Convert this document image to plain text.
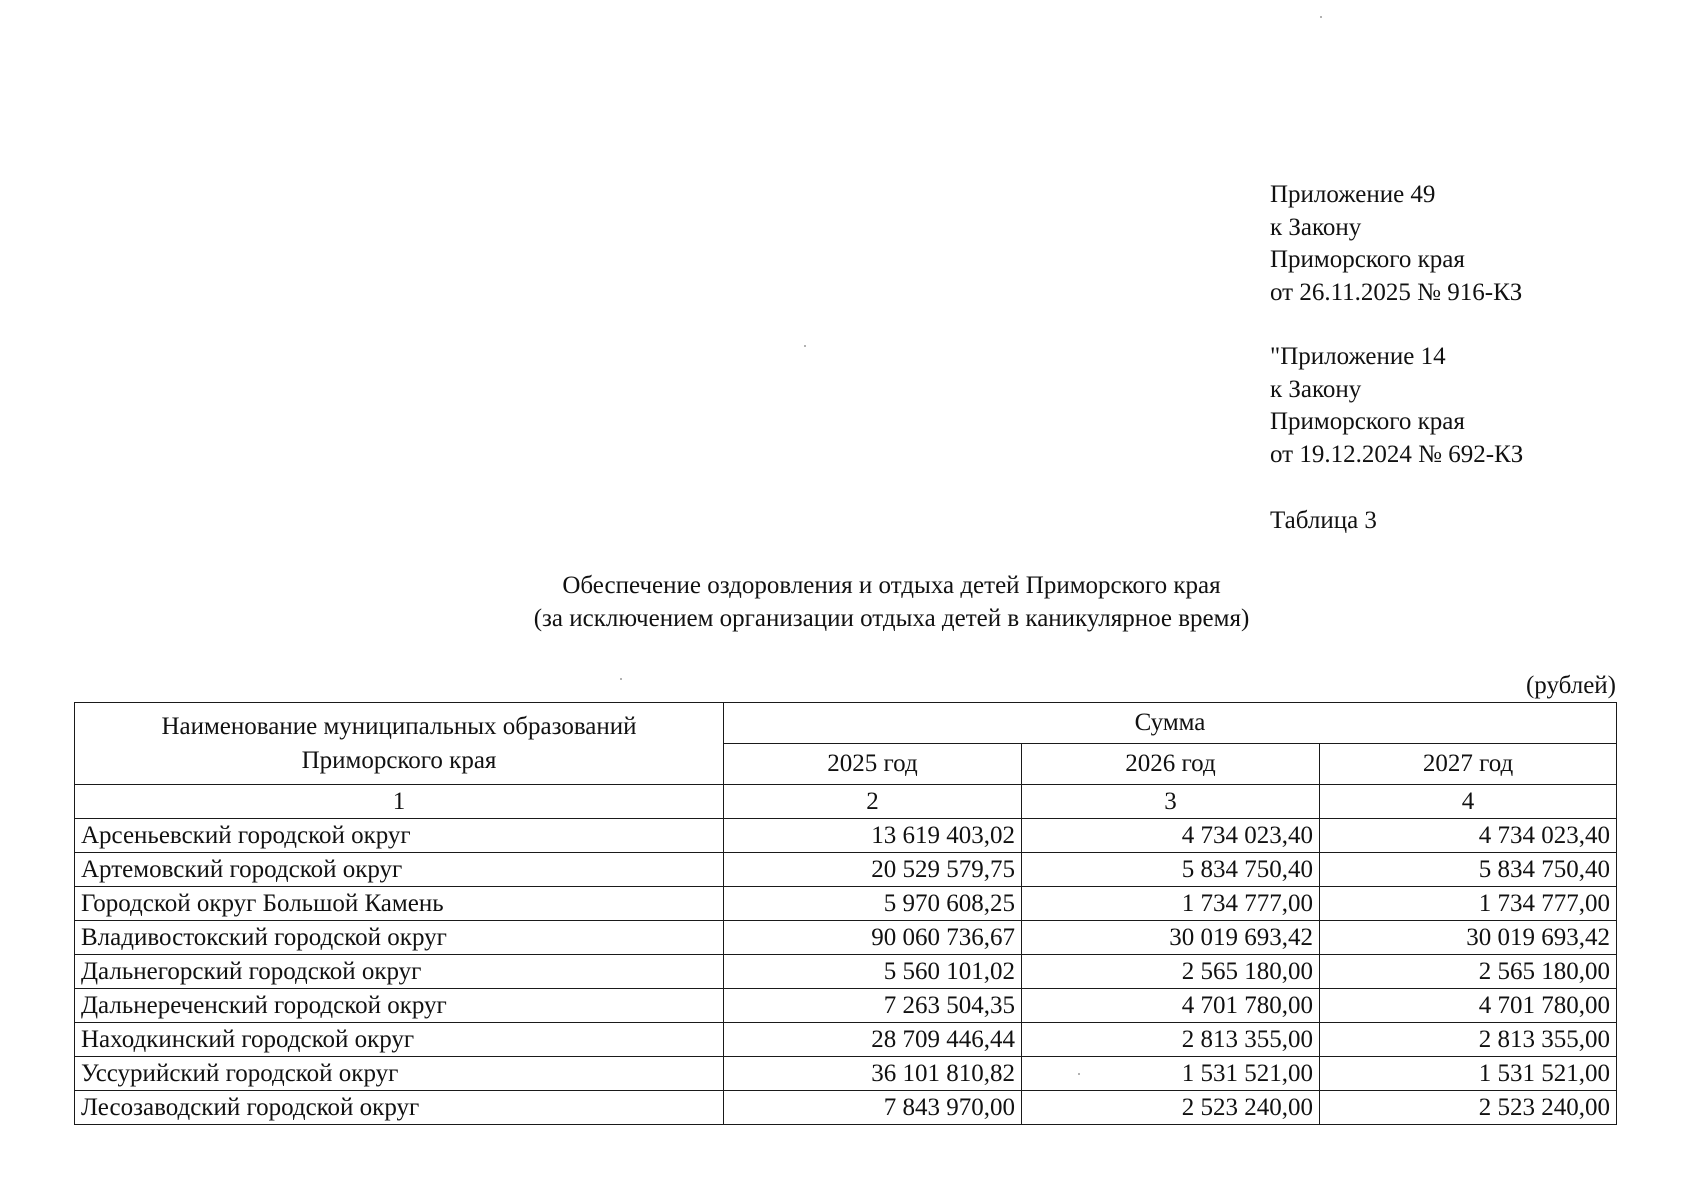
Приложение 49
к Закону
Приморского края
от 26.11.2025 № 916-КЗ
"Приложение 14
к Закону
Приморского края
от 19.12.2024 № 692-КЗ
Таблица 3
Обеспечение оздоровления и отдыха детей Приморского края
(за исключением организации отдыха детей в каникулярное время)
(рублей)
Наименование муниципальных образований
Приморского края	Сумма		
	2025 год	2026 год	2027 год
1	2	3	4
Арсеньевский городской округ	13 619 403,02	4 734 023,40	4 734 023,40
Артемовский городской округ	20 529 579,75	5 834 750,40	5 834 750,40
Городской округ Большой Камень	5 970 608,25	1 734 777,00	1 734 777,00
Владивостокский городской округ	90 060 736,67	30 019 693,42	30 019 693,42
Дальнегорский городской округ	5 560 101,02	2 565 180,00	2 565 180,00
Дальнереченский городской округ	7 263 504,35	4 701 780,00	4 701 780,00
Находкинский городской округ	28 709 446,44	2 813 355,00	2 813 355,00
Уссурийский городской округ	36 101 810,82	1 531 521,00	1 531 521,00
Лесозаводский городской округ	7 843 970,00	2 523 240,00	2 523 240,00
